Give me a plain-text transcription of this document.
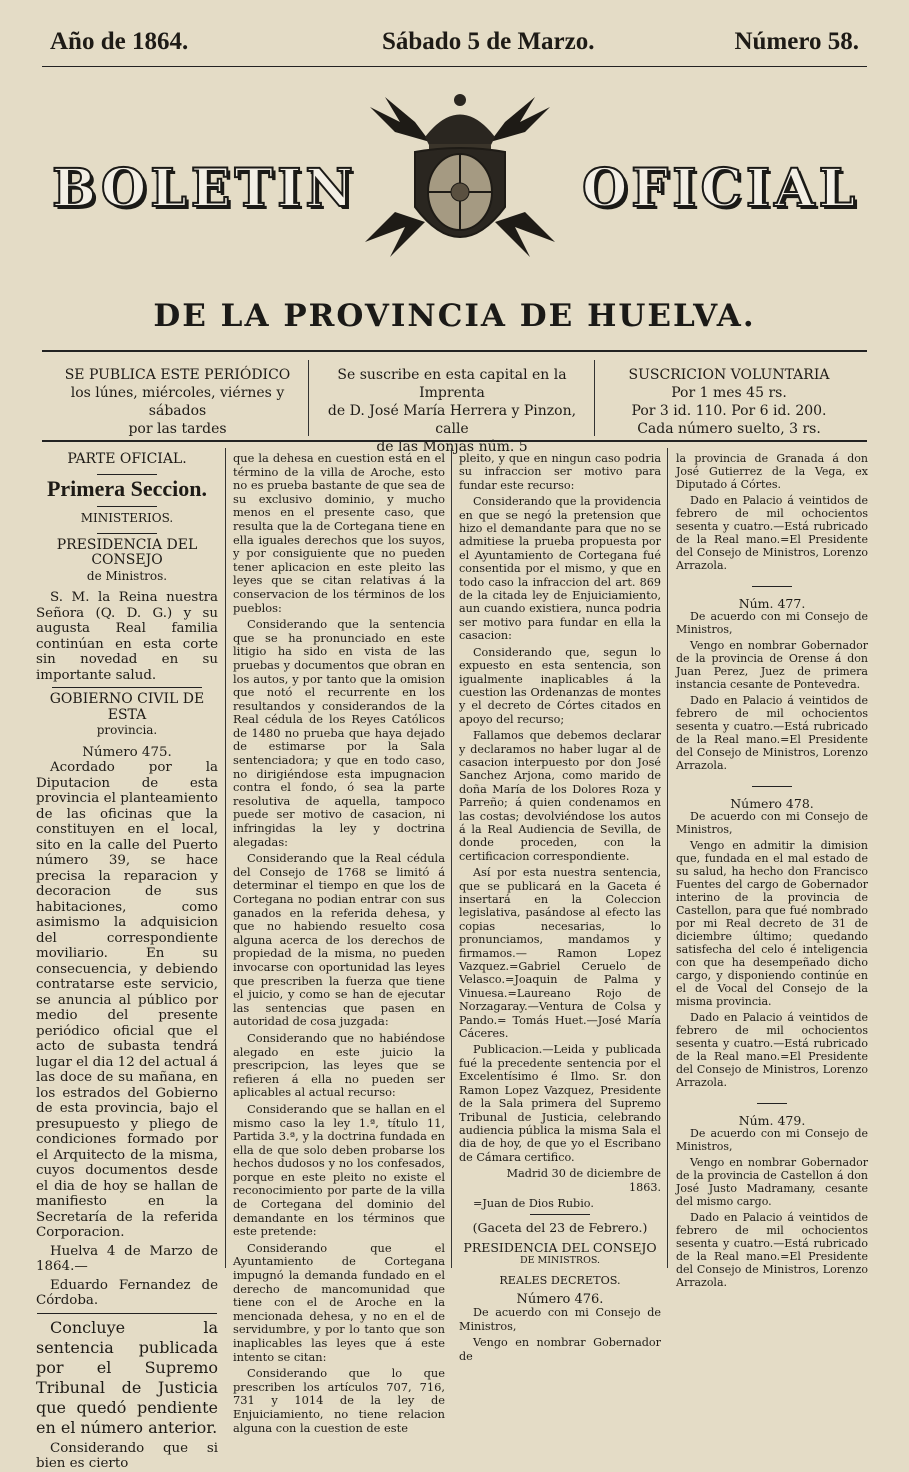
Año de 1864.	Sábado 5 de Marzo.	Número 58.
BOLETIN	OFICIAL
DE LA PROVINCIA DE HUELVA.
SE PUBLICA ESTE PERIÓDICO
los lúnes, miércoles, viérnes y sábados
por las tardes
Se suscribe en esta capital en la Imprenta
de D. José María Herrera y Pinzon, calle
de las Monjas núm. 5
SUSCRICION VOLUNTARIA
Por 1 mes 45 rs.
Por 3 id. 110. Por 6 id. 200.
Cada número suelto, 3 rs.
PARTE OFICIAL.
Primera Seccion.
MINISTERIOS.
PRESIDENCIA DEL CONSEJO
de Ministros.

S. M. la Reina nuestra Señora (Q. D. G.) y su augusta Real familia continúan en esta corte sin novedad en su importante salud.

GOBIERNO CIVIL DE ESTA
provincia.
Número 475.

Acordado por la Diputacion de esta provincia el planteamiento de las oficinas que la constituyen en el local, sito en la calle del Puerto número 39, se hace precisa la reparacion y decoracion de sus habitaciones, como asimismo la adquisicion del correspondiente moviliario. En su consecuencia, y debiendo contratarse este servicio, se anuncia al público por medio del presente periódico oficial que el acto de subasta tendrá lugar el dia 12 del actual á las doce de su mañana, en los estrados del Gobierno de esta provincia, bajo el presupuesto y pliego de condiciones formado por el Arquitecto de la misma, cuyos documentos desde el dia de hoy se hallan de manifiesto en la Secretaría de la referida Corporacion.

Huelva 4 de Marzo de 1864.—

Eduardo Fernandez de Córdoba.

Concluye la sentencia publicada por el Supremo Tribunal de Justicia que quedó pendiente en el número anterior.

Considerando que si bien es cierto

que la dehesa en cuestion está en el término de la villa de Aroche, esto no es prueba bastante de que sea de su exclusivo dominio, y mucho menos en el presente caso, que resulta que la de Cortegana tiene en ella iguales derechos que los suyos, y por consiguiente que no pueden tener aplicacion en este pleito las leyes que se citan relativas á la conservacion de los términos de los pueblos:

Considerando que la sentencia que se ha pronunciado en este litigio ha sido en vista de las pruebas y documentos que obran en los autos, y por tanto que la omision que notó el recurrente en los resultandos y considerandos de la Real cédula de los Reyes Católicos de 1480 no prueba que haya dejado de estimarse por la Sala sentenciadora; y que en todo caso, no dirigiéndose esta impugnacion contra el fondo, ó sea la parte resolutiva de aquella, tampoco puede ser motivo de casacion, ni infringidas la ley y doctrina alegadas:

Considerando que la Real cédula del Consejo de 1768 se limitó á determinar el tiempo en que los de Cortegana no podian entrar con sus ganados en la referida dehesa, y que no habiendo resuelto cosa alguna acerca de los derechos de propiedad de la misma, no pueden invocarse con oportunidad las leyes que prescriben la fuerza que tiene el juicio, y como se han de ejecutar las sentencias que pasen en autoridad de cosa juzgada:

Considerando que no habiéndose alegado en este juicio la prescripcion, las leyes que se refieren á ella no pueden ser aplicables al actual recurso:

Considerando que se hallan en el mismo caso la ley 1.ª, título 11, Partida 3.ª, y la doctrina fundada en ella de que solo deben probarse los hechos dudosos y no los confesados, porque en este pleito no existe el reconocimiento por parte de la villa de Cortegana del dominio del demandante en los términos que este pretende:

Considerando que el Ayuntamiento de Cortegana impugnó la demanda fundado en el derecho de mancomunidad que tiene con el de Aroche en la mencionada dehesa, y no en el de servidumbre, y por lo tanto que son inaplicables las leyes que á este intento se citan:

Considerando que lo que prescriben los artículos 707, 716, 731 y 1014 de la ley de Enjuiciamiento, no tiene relacion alguna con la cuestion de este

pleito, y que en ningun caso podria su infraccion ser motivo para fundar este recurso:

Considerando que la providencia en que se negó la pretension que hizo el demandante para que no se admitiese la prueba propuesta por el Ayuntamiento de Cortegana fué consentida por el mismo, y que en todo caso la infraccion del art. 869 de la citada ley de Enjuiciamiento, aun cuando existiera, nunca podria ser motivo para fundar en ella la casacion:

Considerando que, segun lo expuesto en esta sentencia, son igualmente inaplicables á la cuestion las Ordenanzas de montes y el decreto de Córtes citados en apoyo del recurso;

Fallamos que debemos declarar y declaramos no haber lugar al de casacion interpuesto por don José Sanchez Arjona, como marido de doña María de los Dolores Roza y Parreño; á quien condenamos en las costas; devolviéndose los autos á la Real Audiencia de Sevilla, de donde proceden, con la certificacion correspondiente.

Así por esta nuestra sentencia, que se publicará en la Gaceta é insertará en la Coleccion legislativa, pasándose al efecto las copias necesarias, lo pronunciamos, mandamos y firmamos.— Ramon Lopez Vazquez.=Gabriel Ceruelo de Velasco.=Joaquin de Palma y Vinuesa.=Laureano Rojo de Norzagaray.—Ventura de Colsa y Pando.= Tomás Huet.—José María Cáceres.

Publicacion.—Leida y publicada fué la precedente sentencia por el Excelentísimo é Ilmo. Sr. don Ramon Lopez Vazquez, Presidente de la Sala primera del Supremo Tribunal de Justicia, celebrando audiencia pública la misma Sala el dia de hoy, de que yo el Escribano de Cámara certifico.

Madrid 30 de diciembre de 1863.

=Juan de Dios Rubio.

(Gaceta del 23 de Febrero.)
PRESIDENCIA DEL CONSEJO
DE MINISTROS.
REALES DECRETOS.
Número 476.

De acuerdo con mi Consejo de Ministros,

Vengo en nombrar Gobernador de

la provincia de Granada á don José Gutierrez de la Vega, ex Diputado á Córtes.

Dado en Palacio á veintidos de febrero de mil ochocientos sesenta y cuatro.—Está rubricado de la Real mano.=El Presidente del Consejo de Ministros, Lorenzo Arrazola.

Núm. 477.

De acuerdo con mi Consejo de Ministros,

Vengo en nombrar Gobernador de la provincia de Orense á don Juan Perez, Juez de primera instancia cesante de Pontevedra.

Dado en Palacio á veintidos de febrero de mil ochocientos sesenta y cuatro.—Está rubricado de la Real mano.=El Presidente del Consejo de Ministros, Lorenzo Arrazola.

Número 478.

De acuerdo con mi Consejo de Ministros,

Vengo en admitir la dimision que, fundada en el mal estado de su salud, ha hecho don Francisco Fuentes del cargo de Gobernador interino de la provincia de Castellon, para que fué nombrado por mi Real decreto de 31 de diciembre último; quedando satisfecha del celo é inteligencia con que ha desempeñado dicho cargo, y disponiendo continúe en el de Vocal del Consejo de la misma provincia.

Dado en Palacio á veintidos de febrero de mil ochocientos sesenta y cuatro.—Está rubricado de la Real mano.=El Presidente del Consejo de Ministros, Lorenzo Arrazola.

Núm. 479.

De acuerdo con mi Consejo de Ministros,

Vengo en nombrar Gobernador de la provincia de Castellon á don José Justo Madramany, cesante del mismo cargo.

Dado en Palacio á veintidos de febrero de mil ochocientos sesenta y cuatro.—Está rubricado de la Real mano.=El Presidente del Consejo de Ministros, Lorenzo Arrazola.
